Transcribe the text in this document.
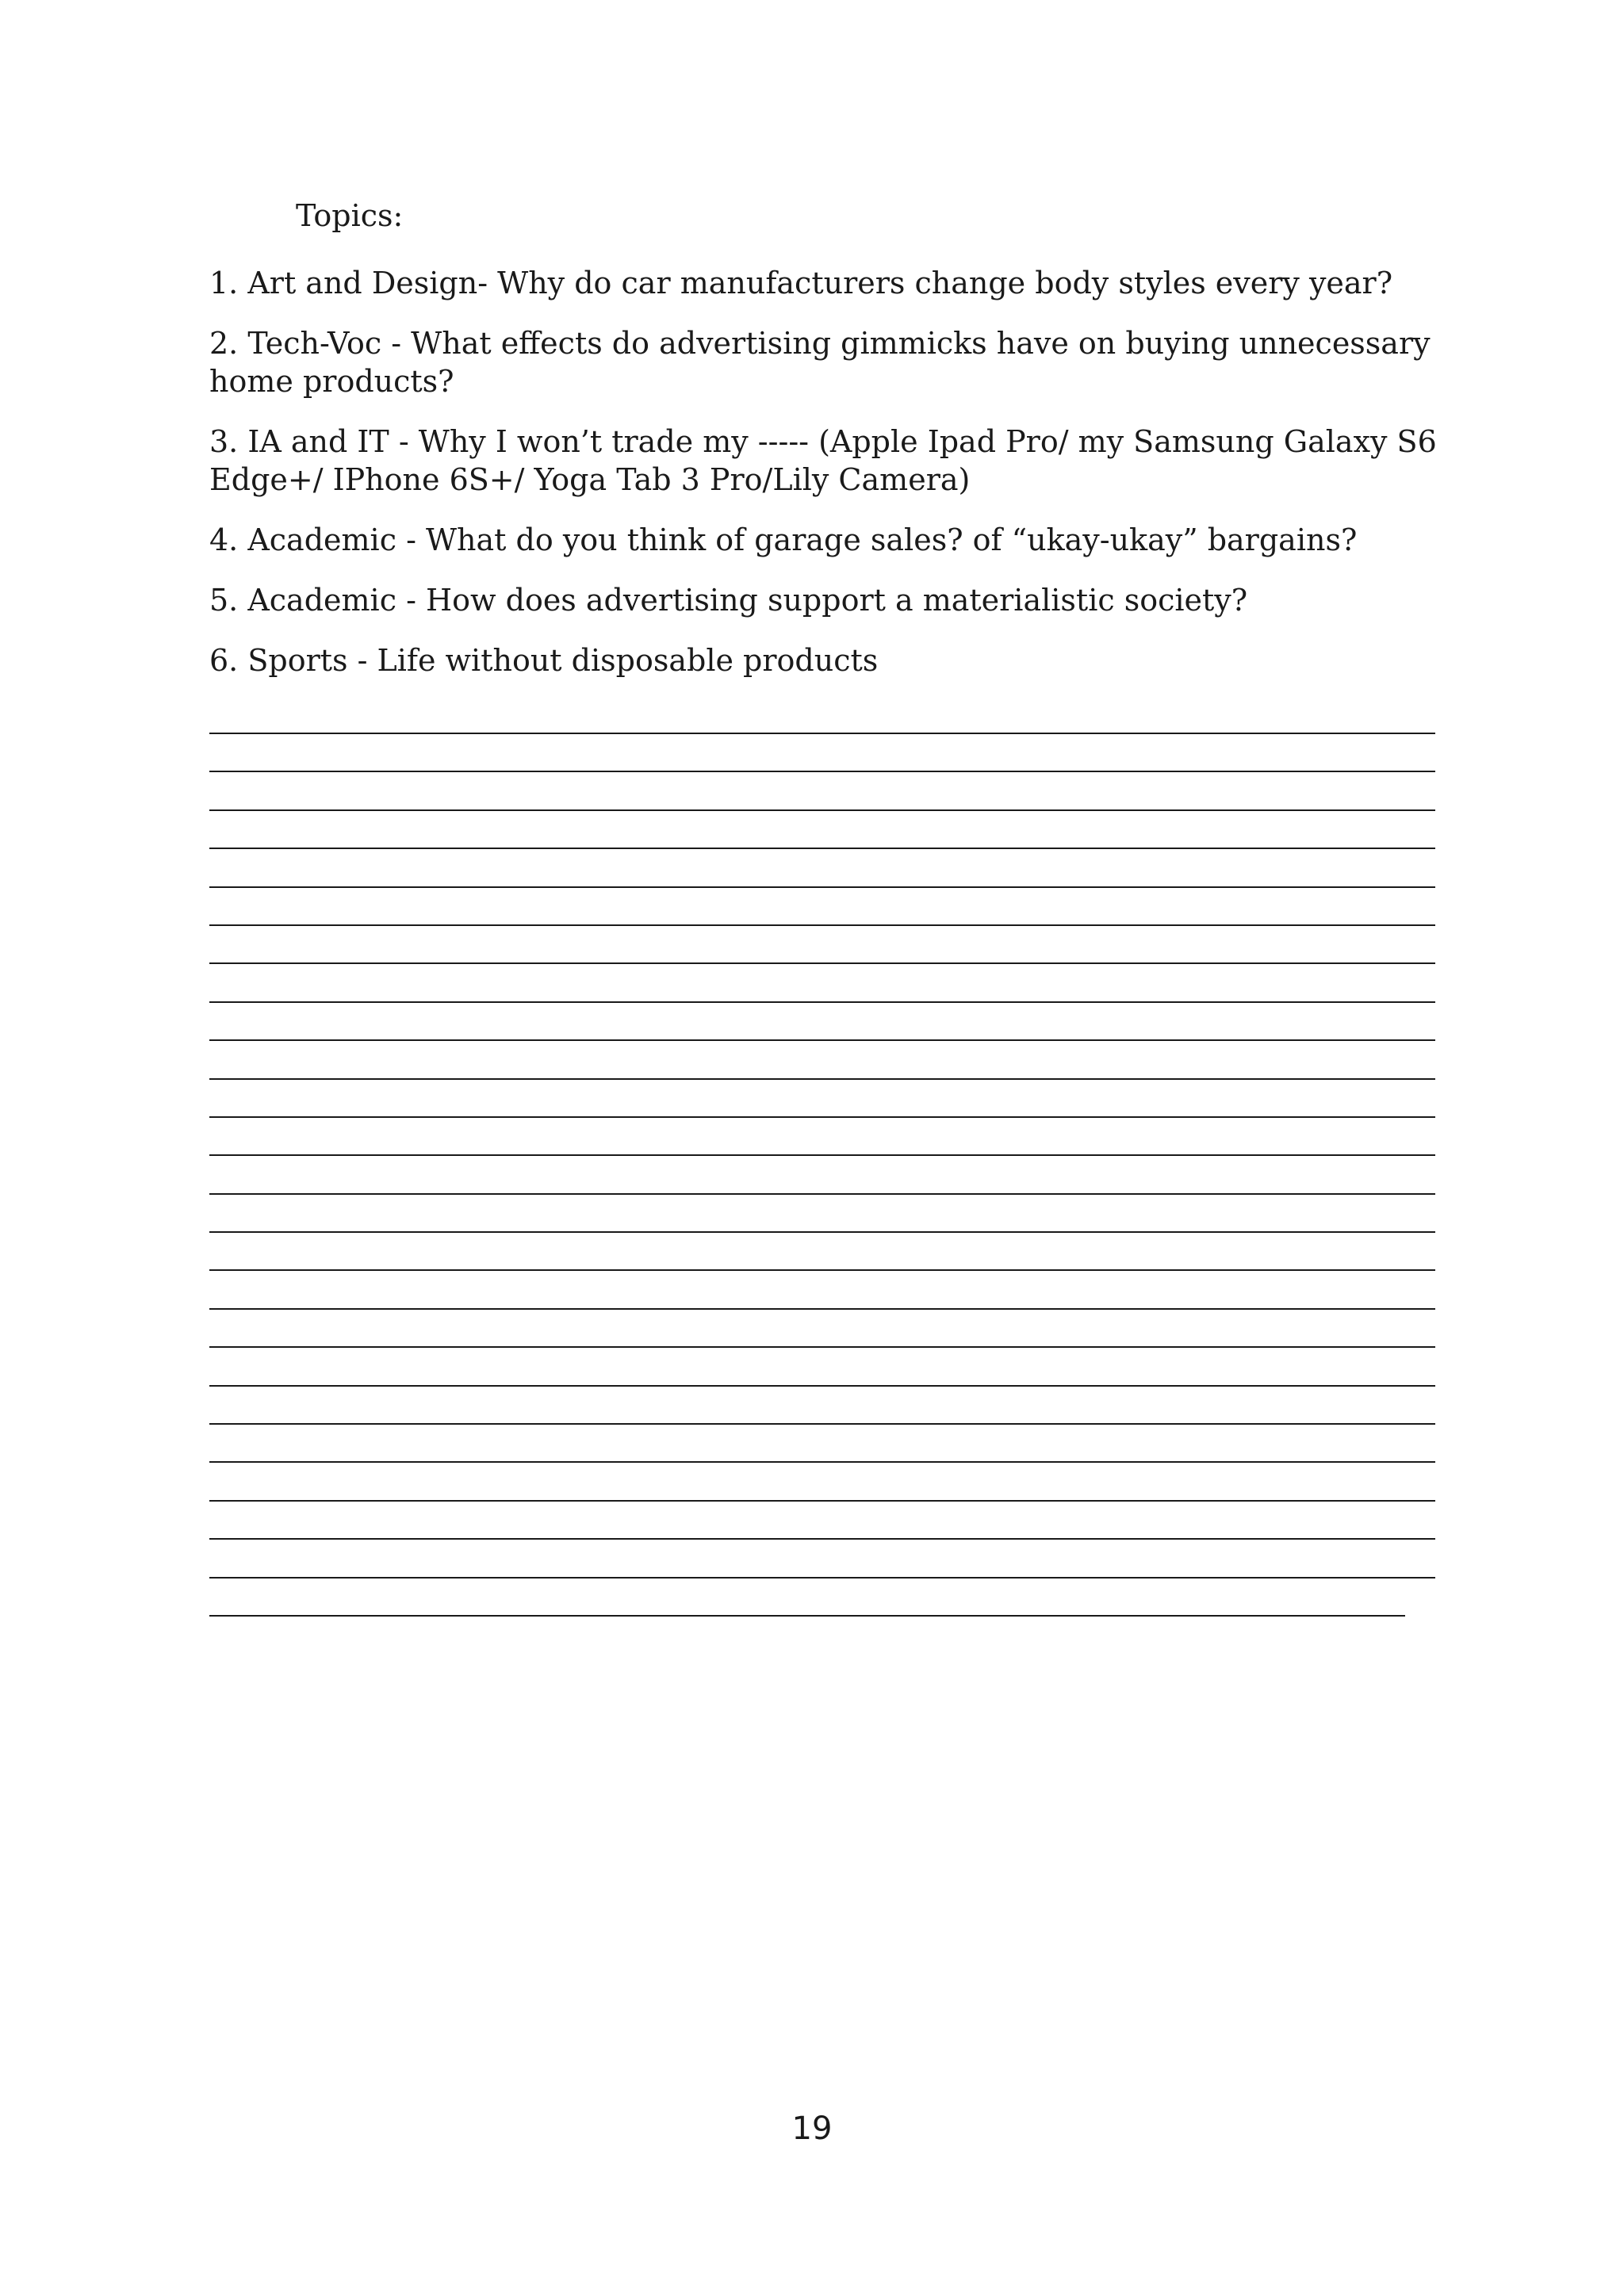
Topics:

1. Art and Design- Why do car manufacturers change body styles every year?
2. Tech-Voc - What effects do advertising gimmicks have on buying unnecessary home products?
3. IA and IT - Why I won’t trade my ----- (Apple Ipad Pro/ my Samsung Galaxy S6 Edge+/ IPhone 6S+/ Yoga Tab 3 Pro/Lily Camera)
4. Academic - What do you think of garage sales? of “ukay-ukay” bargains?
5. Academic - How does advertising support a materialistic society?
6. Sports - Life without disposable products
19
